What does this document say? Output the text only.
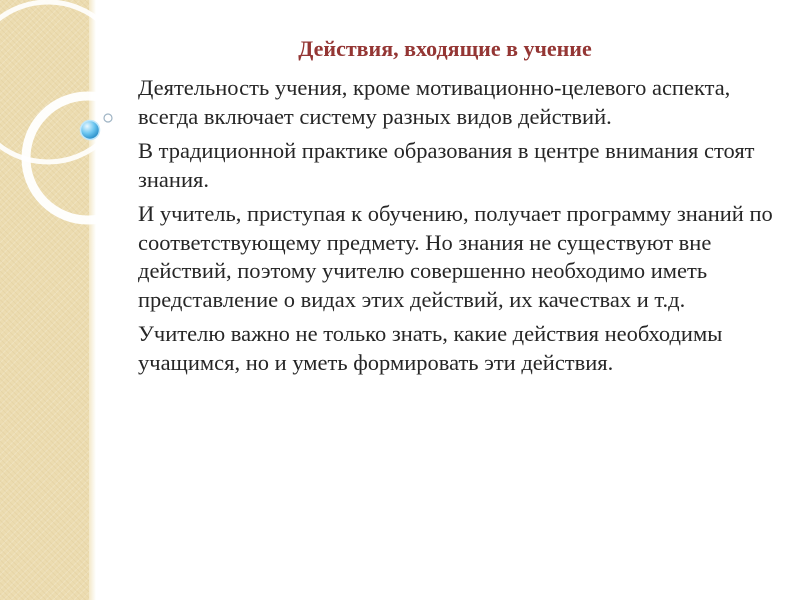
Действия, входящие в учение
Деятельность учения, кроме мотивационно-целевого аспекта, всегда включает систему разных видов действий.
В традиционной практике образования в центре внимания стоят знания.
И учитель, приступая к обучению, получает программу знаний по соответствующему предмету. Но знания не существуют вне действий, поэтому учителю совершенно необходимо иметь представление о видах этих действий, их качествах и т.д.
Учителю важно не только знать, какие действия необходимы учащимся, но и уметь формировать эти действия.
